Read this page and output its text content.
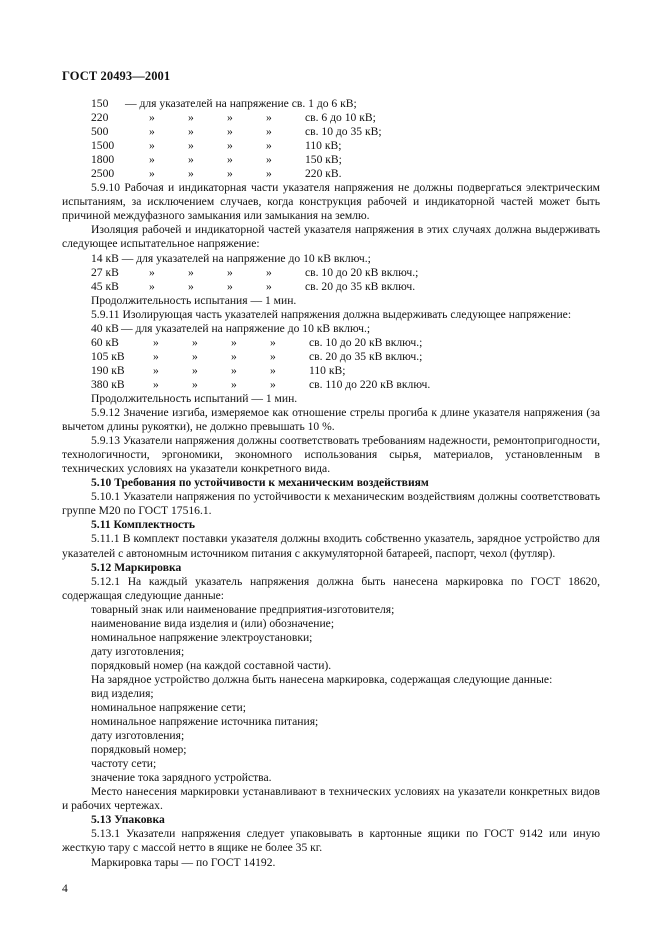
ГОСТ 20493—2001
150	— для указателей на напряжение св. 1 до 6 кВ;
220	»	»	»	»	св. 6 до 10 кВ;
500	»	»	»	»	св. 10 до 35 кВ;
1500	»	»	»	»	110 кВ;
1800	»	»	»	»	150 кВ;
2500	»	»	»	»	220 кВ.

5.9.10 Рабочая и индикаторная части указателя напряжения не должны подвергаться электрическим испытаниям, за исключением случаев, когда конструкция рабочей и индикаторной частей может быть причиной междуфазного замыкания или замыкания на землю.

Изоляция рабочей и индикаторной частей указателя напряжения в этих случаях должна выдерживать следующее испытательное напряжение:

14 кВ — для указателей на напряжение до 10 кВ включ.;

27 кВ	»	»	»	»	св. 10 до 20 кВ включ.;
45 кВ	»	»	»	»	св. 20 до 35 кВ включ.

Продолжительность испытания — 1 мин.

5.9.11 Изолирующая часть указателей напряжения должна выдерживать следующее напряжение:

40 кВ — для указателей на напряжение до 10 кВ включ.;
60 кВ	»	»	»	»	св. 10 до 20 кВ включ.;
105 кВ »	»	»	»	св. 20 до 35 кВ включ.;
190 кВ »	»	»	»	110 кВ;
380 кВ »	»	»	»	св. 110 до 220 кВ включ.

Продолжительность испытаний — 1 мин.

5.9.12 Значение изгиба, измеряемое как отношение стрелы прогиба к длине указателя напряжения (за вычетом длины рукоятки), не должно превышать 10 %.

5.9.13 Указатели напряжения должны соответствовать требованиям надежности, ремонтопригодности, технологичности, эргономики, экономного использования сырья, материалов, установленным в технических условиях на указатели конкретного вида.

5.10 Требования по устойчивости к механическим воздействиям

5.10.1 Указатели напряжения по устойчивости к механическим воздействиям должны соответствовать группе М20 по ГОСТ 17516.1.

5.11 Комплектность

5.11.1 В комплект поставки указателя должны входить собственно указатель, зарядное устройство для указателей с автономным источником питания с аккумуляторной батареей, паспорт, чехол (футляр).

5.12 Маркировка

5.12.1 На каждый указатель напряжения должна быть нанесена маркировка по ГОСТ 18620, содержащая следующие данные:

товарный знак или наименование предприятия-изготовителя;

наименование вида изделия и (или) обозначение;

номинальное напряжение электроустановки;

дату изготовления;

порядковый номер (на каждой составной части).

На зарядное устройство должна быть нанесена маркировка, содержащая следующие данные:

вид изделия;

номинальное напряжение сети;

номинальное напряжение источника питания;

дату изготовления;

порядковый номер;

частоту сети;

значение тока зарядного устройства.

Место нанесения маркировки устанавливают в технических условиях на указатели конкретных видов и рабочих чертежах.

5.13 Упаковка

5.13.1 Указатели напряжения следует упаковывать в картонные ящики по ГОСТ 9142 или иную жесткую тару с массой нетто в ящике не более 35 кг.

Маркировка тары — по ГОСТ 14192.

4
